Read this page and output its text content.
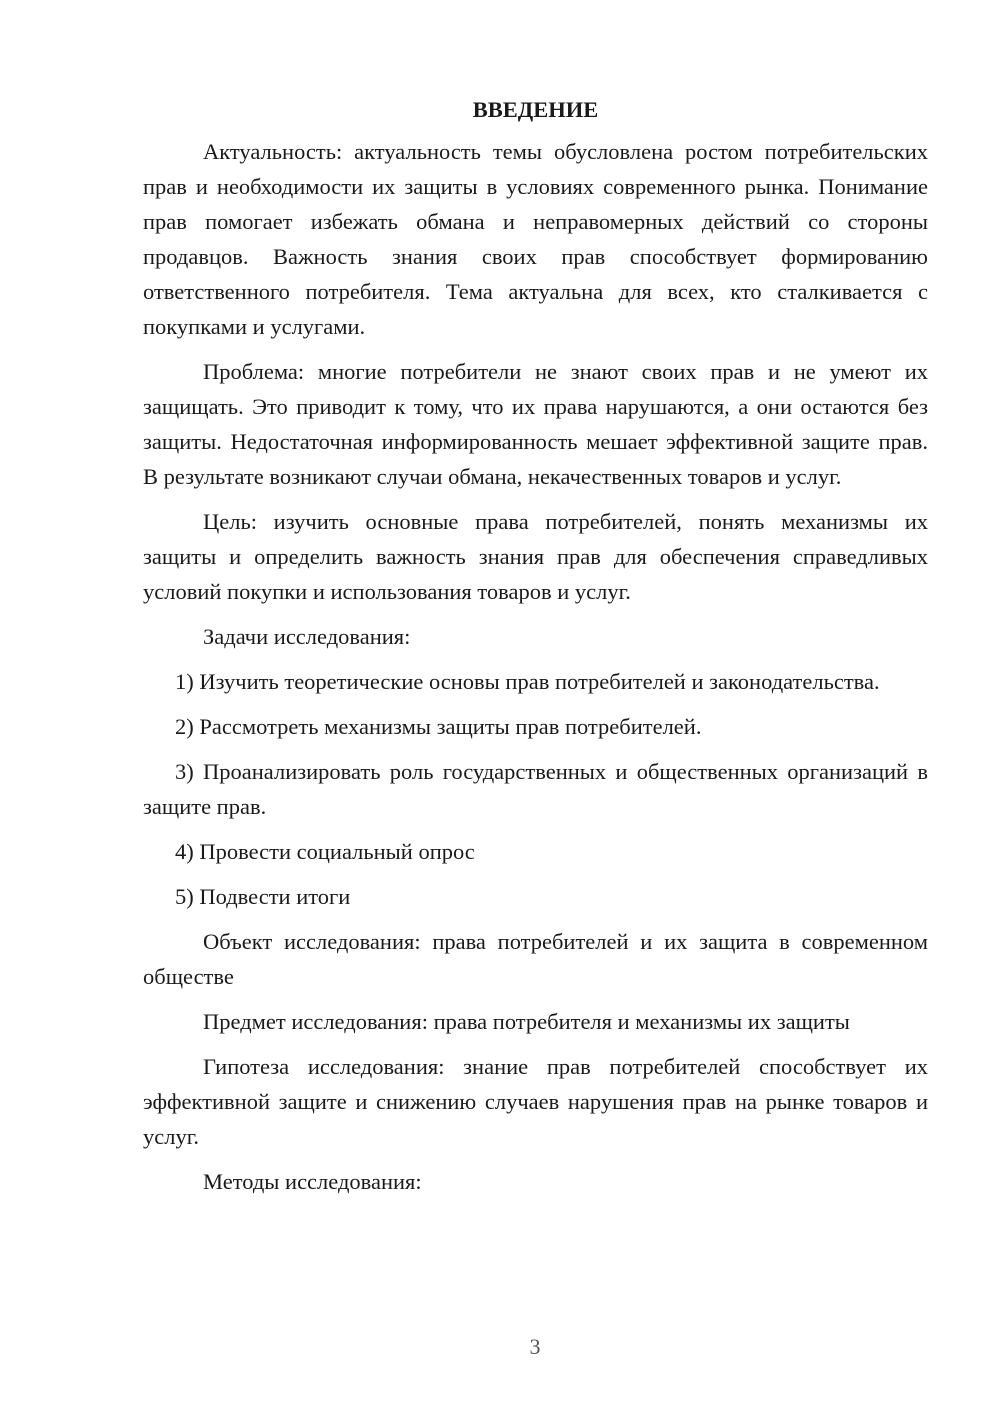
ВВЕДЕНИЕ

Актуальность: актуальность темы обусловлена ростом потребительских прав и необходимости их защиты в условиях современного рынка. Понимание прав помогает избежать обмана и неправомерных действий со стороны продавцов. Важность знания своих прав способствует формированию ответственного потребителя. Тема актуальна для всех, кто сталкивается с покупками и услугами.

Проблема: многие потребители не знают своих прав и не умеют их защищать. Это приводит к тому, что их права нарушаются, а они остаются без защиты. Недостаточная информированность мешает эффективной защите прав. В результате возникают случаи обмана, некачественных товаров и услуг.

Цель: изучить основные права потребителей, понять механизмы их защиты и определить важность знания прав для обеспечения справедливых условий покупки и использования товаров и услуг.

Задачи исследования:

1) Изучить теоретические основы прав потребителей и законодательства.

2) Рассмотреть механизмы защиты прав потребителей.

3) Проанализировать роль государственных и общественных организаций в защите прав.

4) Провести социальный опрос

5) Подвести итоги

Объект исследования: права потребителей и их защита в современном обществе

Предмет исследования: права потребителя и механизмы их защиты

Гипотеза исследования: знание прав потребителей способствует их эффективной защите и снижению случаев нарушения прав на рынке товаров и услуг.

Методы исследования:

3
